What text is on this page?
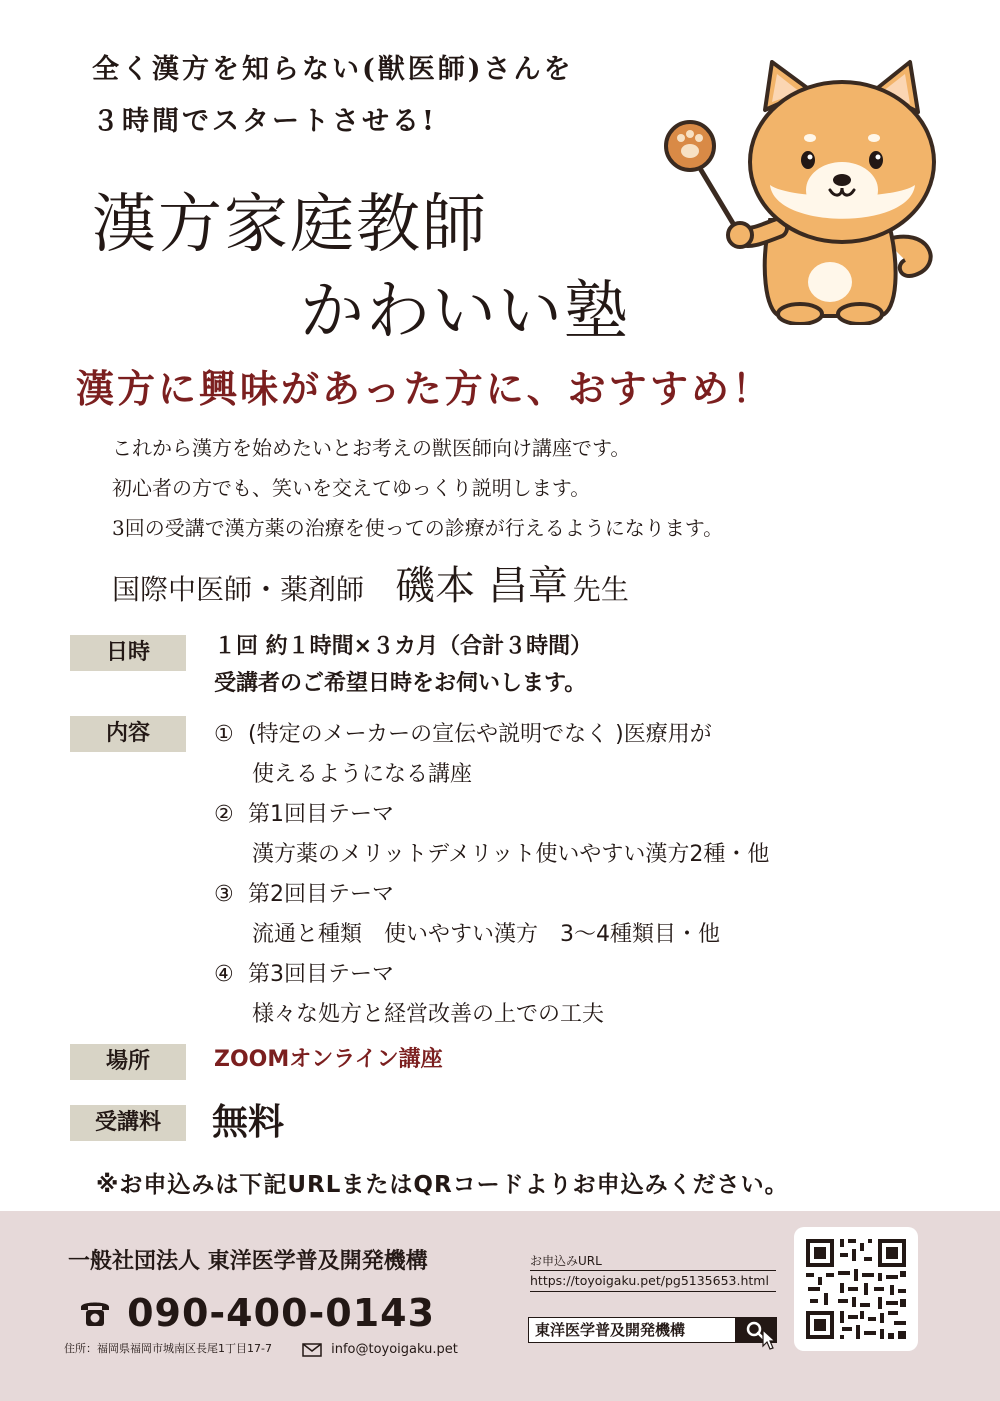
全く漢方を知らない(獣医師)さんを
３時間でスタートさせる!
漢方家庭教師
かわいい塾
漢方に興味があった方に、おすすめ！
これから漢方を始めたいとお考えの獣医師向け講座です。
初心者の方でも、笑いを交えてゆっくり説明します。
3回の受講で漢方薬の治療を使っての診療が行えるようになります。
国際中医師・薬剤師 磯本 昌章 先生
日時	１回 約１時間×３カ月（合計３時間）
受講者のご希望日時をお伺いします。
内容	① (特定のメーカーの宣伝や説明でなく )医療用が
使えるようになる講座
② 第1回目テーマ
漢方薬のメリットデメリット使いやすい漢方2種・他
③ 第2回目テーマ
流通と種類　使いやすい漢方　3～4種類目・他
④ 第3回目テーマ
様々な処方と経営改善の上での工夫
場所	ZOOMオンライン講座
受講料	無料
※お申込みは下記URLまたはQRコードよりお申込みください。
一般社団法人 東洋医学普及開発機構
090-400-0143
住所：福岡県福岡市城南区長尾1丁目17-7	info@toyoigaku.pet
お申込みURL
https://toyoigaku.pet/pg5135653.html
東洋医学普及開発機構
